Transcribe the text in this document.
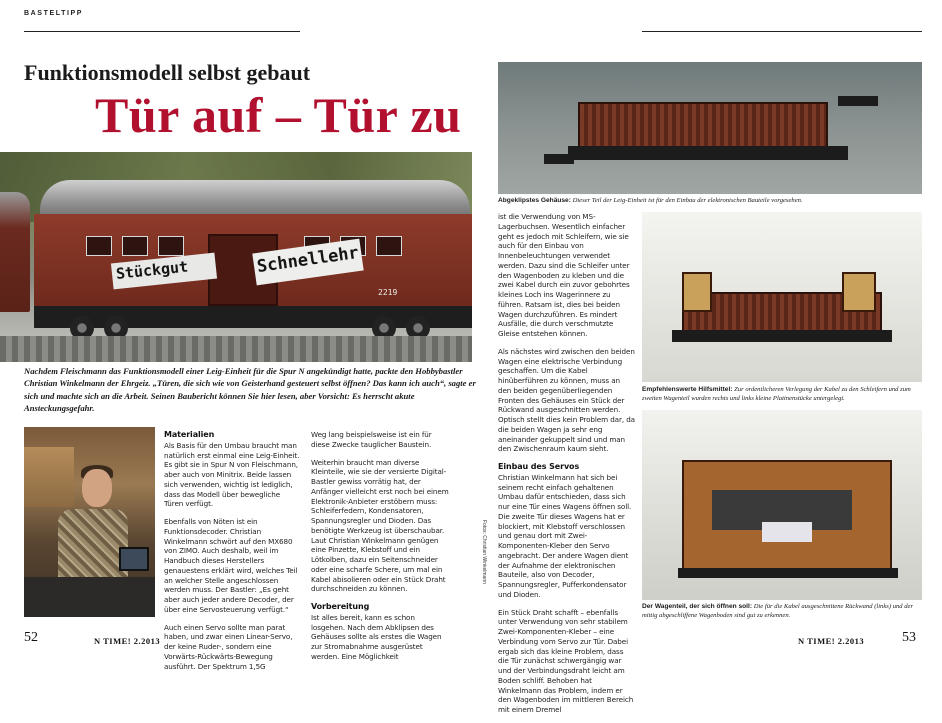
BASTELTIPP
Funktionsmodell selbst gebaut
Tür auf – Tür zu
Stückgut	Schnellehr
2219
Nachdem Fleischmann das Funktionsmodell einer Leig-Einheit für die Spur N angekündigt hatte, packte den Hobbybastler Christian Winkelmann der Ehrgeiz. „Türen, die sich wie von Geisterhand gesteuert selbst öffnen? Das kann ich auch“, sagte er sich und machte sich an die Arbeit. Seinen Baubericht können Sie hier lesen, aber Vorsicht: Es herrscht akute Ansteckungsgefahr.
Materialien

Als Basis für den Umbau braucht man natürlich erst einmal eine Leig-Einheit. Es gibt sie in Spur N von Fleischmann, aber auch von Minitrix. Beide lassen sich verwenden, wichtig ist lediglich, dass das Modell über bewegliche Türen verfügt.

Ebenfalls von Nöten ist ein Funktionsdecoder. Christian Winkelmann schwört auf den MX680 von ZIMO. Auch deshalb, weil im Handbuch dieses Herstellers genauestens erklärt wird, welches Teil an welcher Stelle angeschlossen werden muss. Der Bastler: „Es geht aber auch jeder andere Decoder, der über eine Servosteuerung verfügt.“

Auch einen Servo sollte man parat haben, und zwar einen Linear-Servo, der keine Ruder-, sondern eine Vorwärts-Rückwärts-Bewegung ausführt. Der Spektrum 1,5G

Weg lang beispielsweise ist ein für diese Zwecke tauglicher Baustein.

Weiterhin braucht man diverse Kleinteile, wie sie der versierte Digital-Bastler gewiss vorrätig hat, der Anfänger vielleicht erst noch bei einem Elektronik-Anbieter erstöbern muss: Schleiferfedern, Kondensatoren, Spannungsregler und Dioden. Das benötigte Werkzeug ist überschaubar. Laut Christian Winkelmann genügen eine Pinzette, Klebstoff und ein Lötkolben, dazu ein Seitenschneider oder eine scharfe Schere, um mal ein Kabel abisolieren oder ein Stück Draht durchschneiden zu können.

Vorbereitung

Ist alles bereit, kann es schon losgehen. Nach dem Abklipsen des Gehäuses sollte als erstes die Wagen zur Stromabnahme ausgerüstet werden. Eine Möglichkeit

Fotos: Christian Winkelmann
Abgeklipstes Gehäuse: Dieser Teil der Leig-Einheit ist für den Einbau der elektronischen Bauteile vorgesehen.
Empfehlenswerte Hilfsmittel: Zur ordentlicheren Verlegung der Kabel zu den Schleifern und zum zweiten Wagenteil wurden rechts und links kleine Platinenstücke untergelegt.
Der Wagenteil, der sich öffnen soll: Die für die Kabel ausgeschnittene Rückwand (links) und der mittig abgeschliffene Wagenboden sind gut zu erkennen.

ist die Verwendung von MS-Lagerbuchsen. Wesentlich einfacher geht es jedoch mit Schleifern, wie sie auch für den Einbau von Innenbeleuchtungen verwendet werden. Dazu sind die Schleifer unter den Wagenboden zu kleben und die zwei Kabel durch ein zuvor gebohrtes kleines Loch ins Wagerinnere zu führen. Ratsam ist, dies bei beiden Wagen durchzuführen. Es mindert Ausfälle, die durch verschmutzte Gleise entstehen können.

Als nächstes wird zwischen den beiden Wagen eine elektrische Verbindung geschaffen. Um die Kabel hinüberführen zu können, muss an den beiden gegenüberliegenden Fronten des Gehäuses ein Stück der Rückwand ausgeschnitten werden. Optisch stellt dies kein Problem dar, da die beiden Wagen ja sehr eng aneinander gekuppelt sind und man den Zwischenraum kaum sieht.

Einbau des Servos

Christian Winkelmann hat sich bei seinem recht einfach gehaltenen Umbau dafür entschieden, dass sich nur eine Tür eines Wagens öffnen soll. Die zweite Tür dieses Wagens hat er blockiert, mit Klebstoff verschlossen und genau dort mit Zwei-Komponenten-Kleber den Servo angebracht. Der andere Wagen dient der Aufnahme der elektronischen Bauteile, also von Decoder, Spannungsregler, Pufferkondensator und Dioden.

Ein Stück Draht schafft – ebenfalls unter Verwendung von sehr stabilem Zwei-Komponenten-Kleber – eine Verbindung vom Servo zur Tür. Dabei ergab sich das kleine Problem, dass die Tür zunächst schwergängig war und der Verbindungsdraht leicht am Boden schliff. Behoben hat Winkelmann das Problem, indem er den Wagenboden im mittleren Bereich mit einem Dremel

52	N TIME! 2.2013	N TIME! 2.2013	53
